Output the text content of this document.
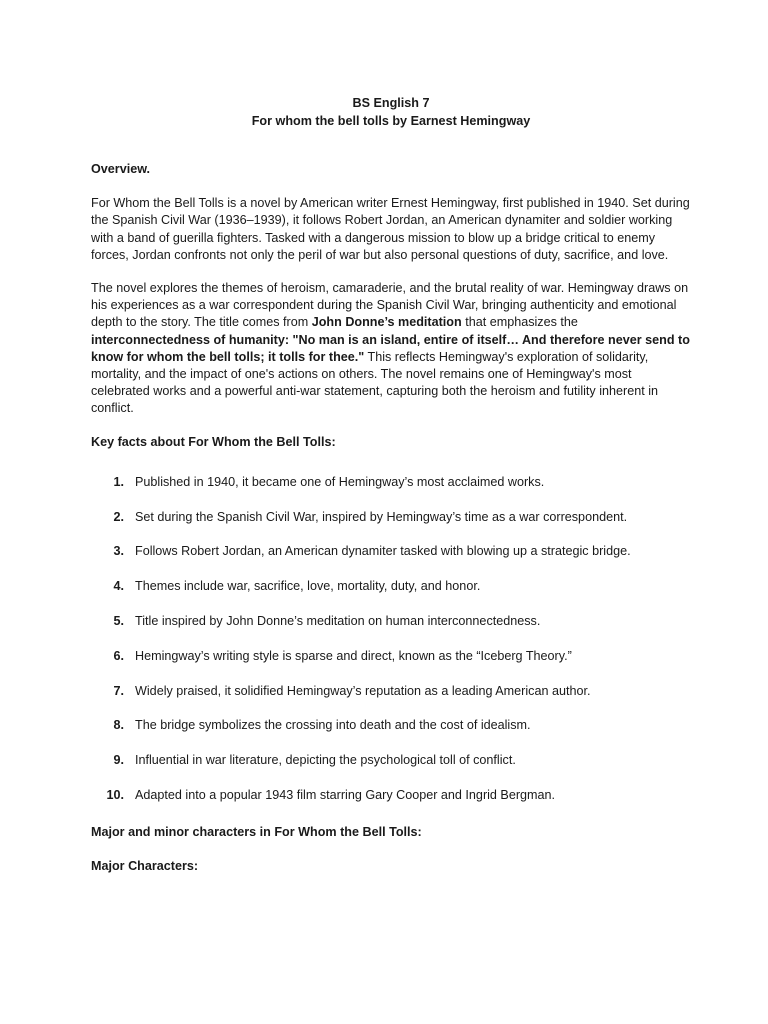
BS English 7
For whom the bell tolls by Earnest Hemingway
Overview.
For Whom the Bell Tolls is a novel by American writer Ernest Hemingway, first published in 1940. Set during the Spanish Civil War (1936–1939), it follows Robert Jordan, an American dynamiter and soldier working with a band of guerilla fighters. Tasked with a dangerous mission to blow up a bridge critical to enemy forces, Jordan confronts not only the peril of war but also personal questions of duty, sacrifice, and love.
The novel explores the themes of heroism, camaraderie, and the brutal reality of war. Hemingway draws on his experiences as a war correspondent during the Spanish Civil War, bringing authenticity and emotional depth to the story. The title comes from John Donne’s meditation that emphasizes the interconnectedness of humanity: "No man is an island, entire of itself… And therefore never send to know for whom the bell tolls; it tolls for thee." This reflects Hemingway's exploration of solidarity, mortality, and the impact of one's actions on others. The novel remains one of Hemingway's most celebrated works and a powerful anti-war statement, capturing both the heroism and futility inherent in conflict.
Key facts about For Whom the Bell Tolls:
1. Published in 1940, it became one of Hemingway’s most acclaimed works.
2. Set during the Spanish Civil War, inspired by Hemingway’s time as a war correspondent.
3. Follows Robert Jordan, an American dynamiter tasked with blowing up a strategic bridge.
4. Themes include war, sacrifice, love, mortality, duty, and honor.
5. Title inspired by John Donne’s meditation on human interconnectedness.
6. Hemingway’s writing style is sparse and direct, known as the “Iceberg Theory.”
7. Widely praised, it solidified Hemingway’s reputation as a leading American author.
8. The bridge symbolizes the crossing into death and the cost of idealism.
9. Influential in war literature, depicting the psychological toll of conflict.
10. Adapted into a popular 1943 film starring Gary Cooper and Ingrid Bergman.
Major and minor characters in For Whom the Bell Tolls:
Major Characters:
